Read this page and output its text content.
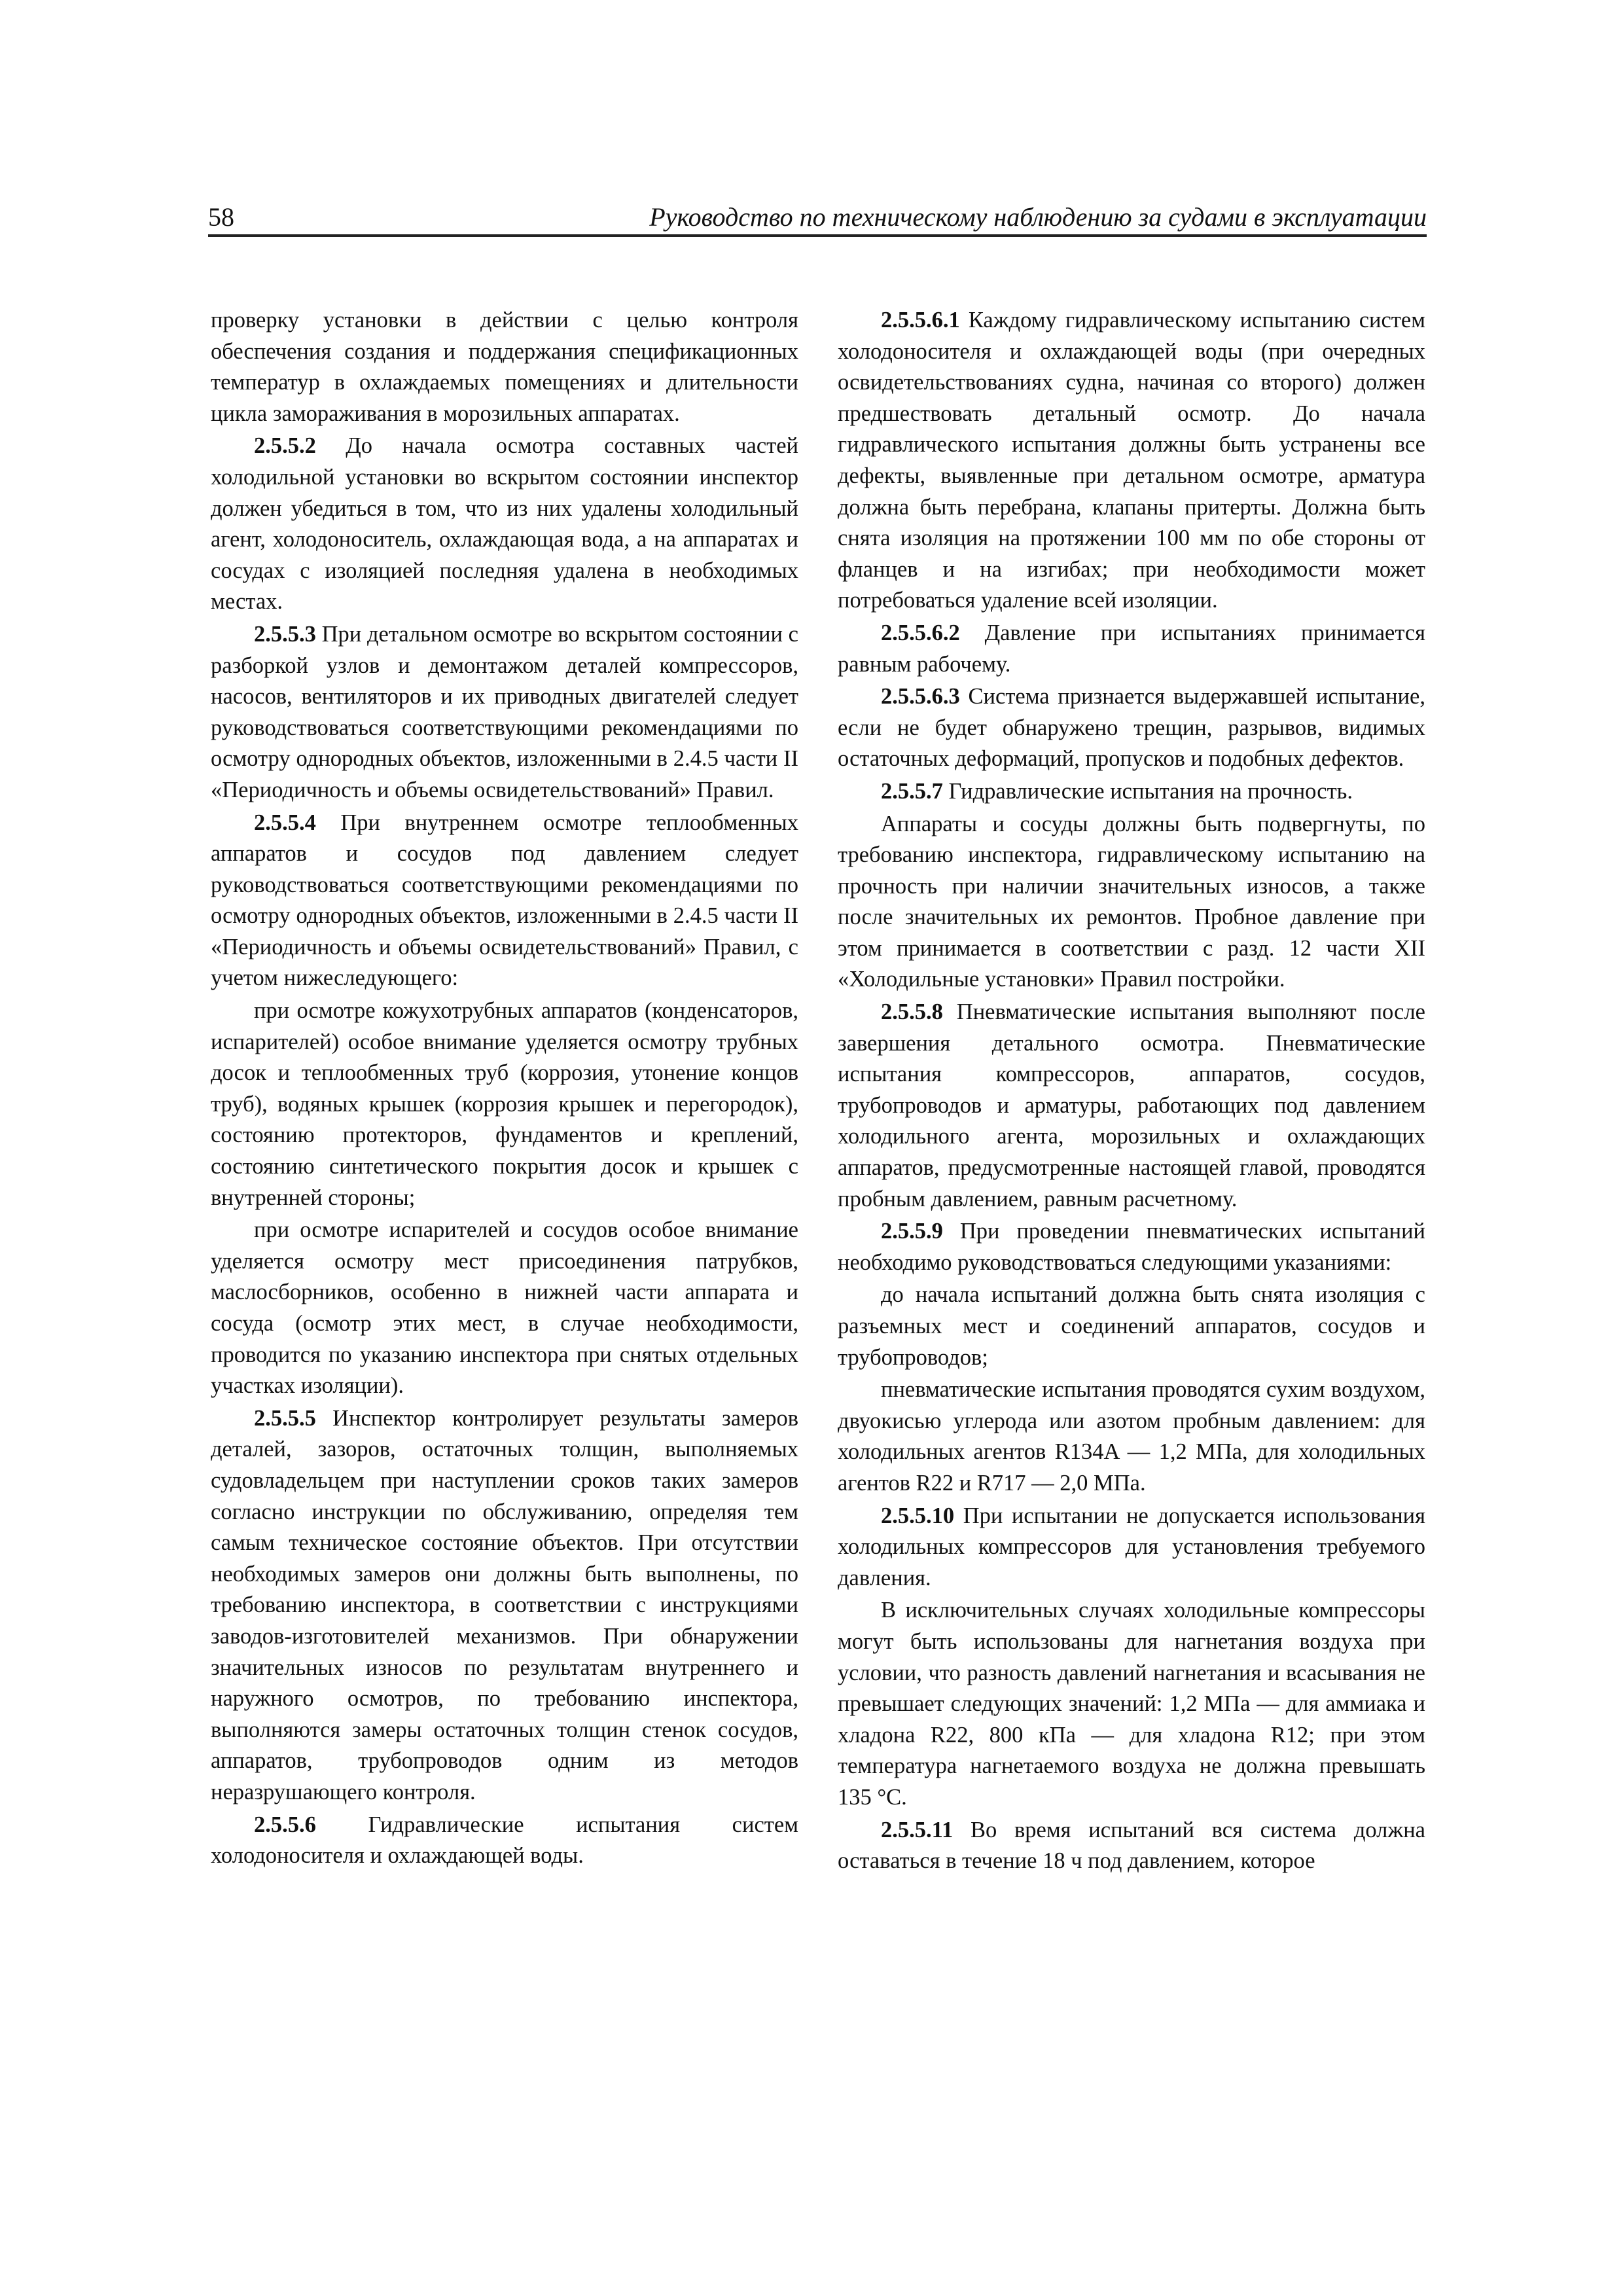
58	Руководство по техническому наблюдению за судами в эксплуатации

проверку установки в действии с целью контроля обеспечения создания и поддержания спецификационных температур в охлаждаемых помещениях и длительности цикла замораживания в морозильных аппаратах.

2.5.5.2 До начала осмотра составных частей холодильной установки во вскрытом состоянии инспектор должен убедиться в том, что из них удалены холодильный агент, холодоноситель, охлаждающая вода, а на аппаратах и сосудах с изоляцией последняя удалена в необходимых местах.

2.5.5.3 При детальном осмотре во вскрытом состоянии с разборкой узлов и демонтажом деталей компрессоров, насосов, вентиляторов и их приводных двигателей следует руководствоваться соответствующими рекомендациями по осмотру однородных объектов, изложенными в 2.4.5 части II «Периодичность и объемы освидетельствований» Правил.

2.5.5.4 При внутреннем осмотре теплообменных аппаратов и сосудов под давлением следует руководствоваться соответствующими рекомендациями по осмотру однородных объектов, изложенными в 2.4.5 части II «Периодичность и объемы освидетельствований» Правил, с учетом нижеследующего:

при осмотре кожухотрубных аппаратов (конденсаторов, испарителей) особое внимание уделяется осмотру трубных досок и теплообменных труб (коррозия, утонение концов труб), водяных крышек (коррозия крышек и перегородок), состоянию протекторов, фундаментов и креплений, состоянию синтетического покрытия досок и крышек с внутренней стороны;

при осмотре испарителей и сосудов особое внимание уделяется осмотру мест присоединения патрубков, маслосборников, особенно в нижней части аппарата и сосуда (осмотр этих мест, в случае необходимости, проводится по указанию инспектора при снятых отдельных участках изоляции).

2.5.5.5 Инспектор контролирует результаты замеров деталей, зазоров, остаточных толщин, выполняемых судовладельцем при наступлении сроков таких замеров согласно инструкции по обслуживанию, определяя тем самым техническое состояние объектов. При отсутствии необходимых замеров они должны быть выполнены, по требованию инспектора, в соответствии с инструкциями заводов-изготовителей механизмов. При обнаружении значительных износов по результатам внутреннего и наружного осмотров, по требованию инспектора, выполняются замеры остаточных толщин стенок сосудов, аппаратов, трубопроводов одним из методов неразрушающего контроля.

2.5.5.6 Гидравлические испытания систем холодоносителя и охлаждающей воды.

2.5.5.6.1 Каждому гидравлическому испытанию систем холодоносителя и охлаждающей воды (при очередных освидетельствованиях судна, начиная со второго) должен предшествовать детальный осмотр. До начала гидравлического испытания должны быть устранены все дефекты, выявленные при детальном осмотре, арматура должна быть перебрана, клапаны притерты. Должна быть снята изоляция на протяжении 100 мм по обе стороны от фланцев и на изгибах; при необходимости может потребоваться удаление всей изоляции.

2.5.5.6.2 Давление при испытаниях принимается равным рабочему.

2.5.5.6.3 Система признается выдержавшей испытание, если не будет обнаружено трещин, разрывов, видимых остаточных деформаций, пропусков и подобных дефектов.

2.5.5.7 Гидравлические испытания на прочность.

Аппараты и сосуды должны быть подвергнуты, по требованию инспектора, гидравлическому испытанию на прочность при наличии значительных износов, а также после значительных их ремонтов. Пробное давление при этом принимается в соответствии с разд. 12 части XII «Холодильные установки» Правил постройки.

2.5.5.8 Пневматические испытания выполняют после завершения детального осмотра. Пневматические испытания компрессоров, аппаратов, сосудов, трубопроводов и арматуры, работающих под давлением холодильного агента, морозильных и охлаждающих аппаратов, предусмотренные настоящей главой, проводятся пробным давлением, равным расчетному.

2.5.5.9 При проведении пневматических испытаний необходимо руководствоваться следующими указаниями:

до начала испытаний должна быть снята изоляция с разъемных мест и соединений аппаратов, сосудов и трубопроводов;

пневматические испытания проводятся сухим воздухом, двуокисью углерода или азотом пробным давлением: для холодильных агентов R134A — 1,2 МПа, для холодильных агентов R22 и R717 — 2,0 МПа.

2.5.5.10 При испытании не допускается использования холодильных компрессоров для установления требуемого давления.

В исключительных случаях холодильные компрессоры могут быть использованы для нагнетания воздуха при условии, что разность давлений нагнетания и всасывания не превышает следующих значений: 1,2 МПа — для аммиака и хладона R22, 800 кПа — для хладона R12; при этом температура нагнетаемого воздуха не должна превышать 135 °C.

2.5.5.11 Во время испытаний вся система должна оставаться в течение 18 ч под давлением, которое
